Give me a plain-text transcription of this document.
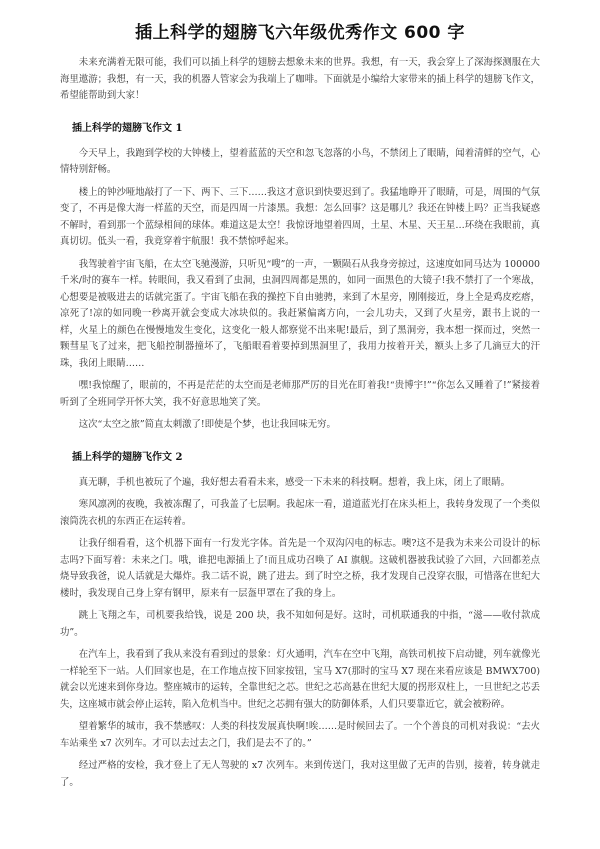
插上科学的翅膀飞六年级优秀作文 600 字

未来充满着无限可能，我们可以插上科学的翅膀去想象未来的世界。我想，有一天，我会穿上了深海探测服在大海里遨游；我想，有一天，我的机器人管家会为我端上了咖啡。下面就是小编给大家带来的插上科学的翅膀飞作文，希望能帮助到大家！

插上科学的翅膀飞作文 1

今天早上，我跑到学校的大钟楼上，望着蓝蓝的天空和忽飞忽落的小鸟，不禁闭上了眼睛，闻着清鲜的空气，心情特别舒畅。

楼上的钟沙哑地敲打了一下、两下、三下……我这才意识到快要迟到了。我猛地睁开了眼睛，可是，周围的气氛变了，不再是像大海一样蓝的天空，而是四周一片漆黑。我想：怎么回事？这是哪儿？我还在钟楼上吗？正当我疑惑不解时，看到那一个蓝绿相间的球体。难道这是太空！我惊讶地望着四周，土星、木星、天王星…环绕在我眼前，真真切切。低头一看，我竟穿着宇航服！我不禁惊呼起来。

我驾驶着宇宙飞船，在太空飞驰漫游，只听见“嗖”的一声，一颗陨石从我身旁掠过，这速度如同马达为 100000 千米/时的赛车一样。转眼间，我又看到了虫洞，虫洞四周都是黑的，如同一面黑色的大镜子!我不禁打了一个寒战，心想要是被吸进去的话就完蛋了。宇宙飞船在我的操控下自由驰骋，来到了木星旁，刚刚接近，身上全是鸡皮疙瘩，凉死了!凉的如同晚一秒离开就会变成大冰块似的。我赶紧偏离方向，一会儿功夫，又到了火星旁，跟书上说的一样，火星上的颜色在慢慢地发生变化，这变化一般人都察觉不出来呢!最后，到了黑洞旁，我本想一探而过，突然一颗彗星飞了过来，把飞船控制器撞坏了，飞船眼看着要掉到黑洞里了，我用力按着开关，额头上多了几滴豆大的汗珠，我闭上眼睛……

嘿!我惊醒了，眼前的，不再是茫茫的太空而是老师那严厉的目光在盯着我!“贵博宇!”“你怎么又睡着了!”紧接着听到了全班同学开怀大笑，我不好意思地笑了笑。

这次“太空之旅”简直太刺激了!即使是个梦，也让我回味无穷。

插上科学的翅膀飞作文 2

真无聊，手机也被玩了个遍，我好想去看看未来，感受一下未来的科技啊。想着，我上床，闭上了眼睛。

寒风凛冽的夜晚，我被冻醒了，可我盖了七层啊。我起床一看，道道蓝光打在床头柜上，我转身发现了一个类似滚筒洗衣机的东西正在运转着。

让我仔细看看，这个机器下面有一行发光字体。首先是一个双沟闪电的标志。噢?这不是我为未来公司设计的标志吗?下面写着：未来之门。哦，谁把电源插上了!而且成功召唤了 AI 旗舰。这破机器被我试验了六回，六回都差点烧导致我爸，说人话就是大爆炸。我二话不说，跳了进去。到了时空之桥，我才发现自己没穿衣服，可惜落在世纪大楼时，我发现自己身上穿有钢甲，原来有一层盔甲罩在了我的身上。

跳上飞翔之车，司机要我给钱，说是 200 块，我不知如何是好。这时，司机联通我的中指，“滋——收付款成功”。

在汽车上，我看到了我从来没有看到过的景象：灯火通明，汽车在空中飞翔，高铁司机按下启动键，列车就像光一样轮至下一站。人们回家也是，在工作地点按下回家按钮，宝马 X7(那时的宝马 X7 现在来看应该是 BMWX700)就会以光速来到你身边。整座城市的运转，全靠世纪之芯。世纪之芯高悬在世纪大厦的拐形双柱上，一旦世纪之芯丢失，这座城市就会停止运转，陷入危机当中。世纪之芯拥有强大的防御体系，人们只要靠近它，就会被粉碎。

望着繁华的城市，我不禁感叹：人类的科技发展真快啊!唉……是时候回去了。一个个善良的司机对我说：“去火车站乘坐 x7 次列车。才可以去过去之门，我们是去不了的。”

经过严格的安检，我才登上了无人驾驶的 x7 次列车。来到传送门，我对这里做了无声的告别，接着，转身就走了。
